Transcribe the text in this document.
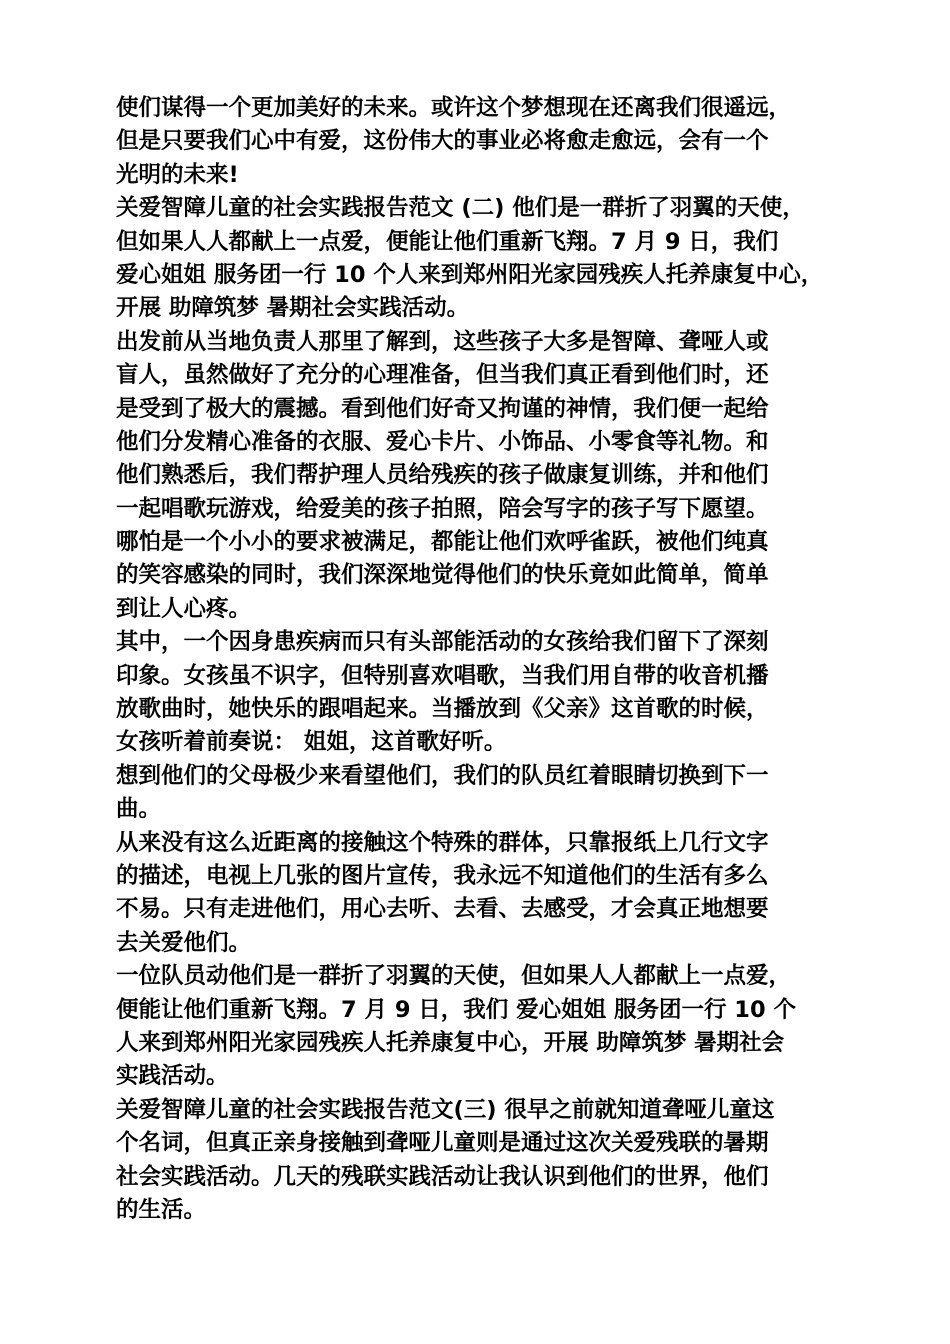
使们谋得一个更加美好的未来。或许这个梦想现在还离我们很遥远，
但是只要我们心中有爱，这份伟大的事业必将愈走愈远，会有一个
光明的未来!
关爱智障儿童的社会实践报告范文 (二) 他们是一群折了羽翼的天使，
但如果人人都献上一点爱，便能让他们重新飞翔。7 月 9 日，我们
爱心姐姐 服务团一行 10 个人来到郑州阳光家园残疾人托养康复中心，
开展 助障筑梦 暑期社会实践活动。
出发前从当地负责人那里了解到，这些孩子大多是智障、聋哑人或
盲人，虽然做好了充分的心理准备，但当我们真正看到他们时，还
是受到了极大的震撼。看到他们好奇又拘谨的神情，我们便一起给
他们分发精心准备的衣服、爱心卡片、小饰品、小零食等礼物。和
他们熟悉后，我们帮护理人员给残疾的孩子做康复训练，并和他们
一起唱歌玩游戏，给爱美的孩子拍照，陪会写字的孩子写下愿望。
哪怕是一个小小的要求被满足，都能让他们欢呼雀跃，被他们纯真
的笑容感染的同时，我们深深地觉得他们的快乐竟如此简单，简单
到让人心疼。
其中，一个因身患疾病而只有头部能活动的女孩给我们留下了深刻
印象。女孩虽不识字，但特别喜欢唱歌，当我们用自带的收音机播
放歌曲时，她快乐的跟唱起来。当播放到《父亲》这首歌的时候，
女孩听着前奏说： 姐姐，这首歌好听。
想到他们的父母极少来看望他们，我们的队员红着眼睛切换到下一
曲。
从来没有这么近距离的接触这个特殊的群体，只靠报纸上几行文字
的描述，电视上几张的图片宣传，我永远不知道他们的生活有多么
不易。只有走进他们，用心去听、去看、去感受，才会真正地想要
去关爱他们。
一位队员动他们是一群折了羽翼的天使，但如果人人都献上一点爱，
便能让他们重新飞翔。7 月 9 日，我们 爱心姐姐 服务团一行 10 个
人来到郑州阳光家园残疾人托养康复中心，开展 助障筑梦 暑期社会
实践活动。
关爱智障儿童的社会实践报告范文(三) 很早之前就知道聋哑儿童这
个名词，但真正亲身接触到聋哑儿童则是通过这次关爱残联的暑期
社会实践活动。几天的残联实践活动让我认识到他们的世界，他们
的生活。
